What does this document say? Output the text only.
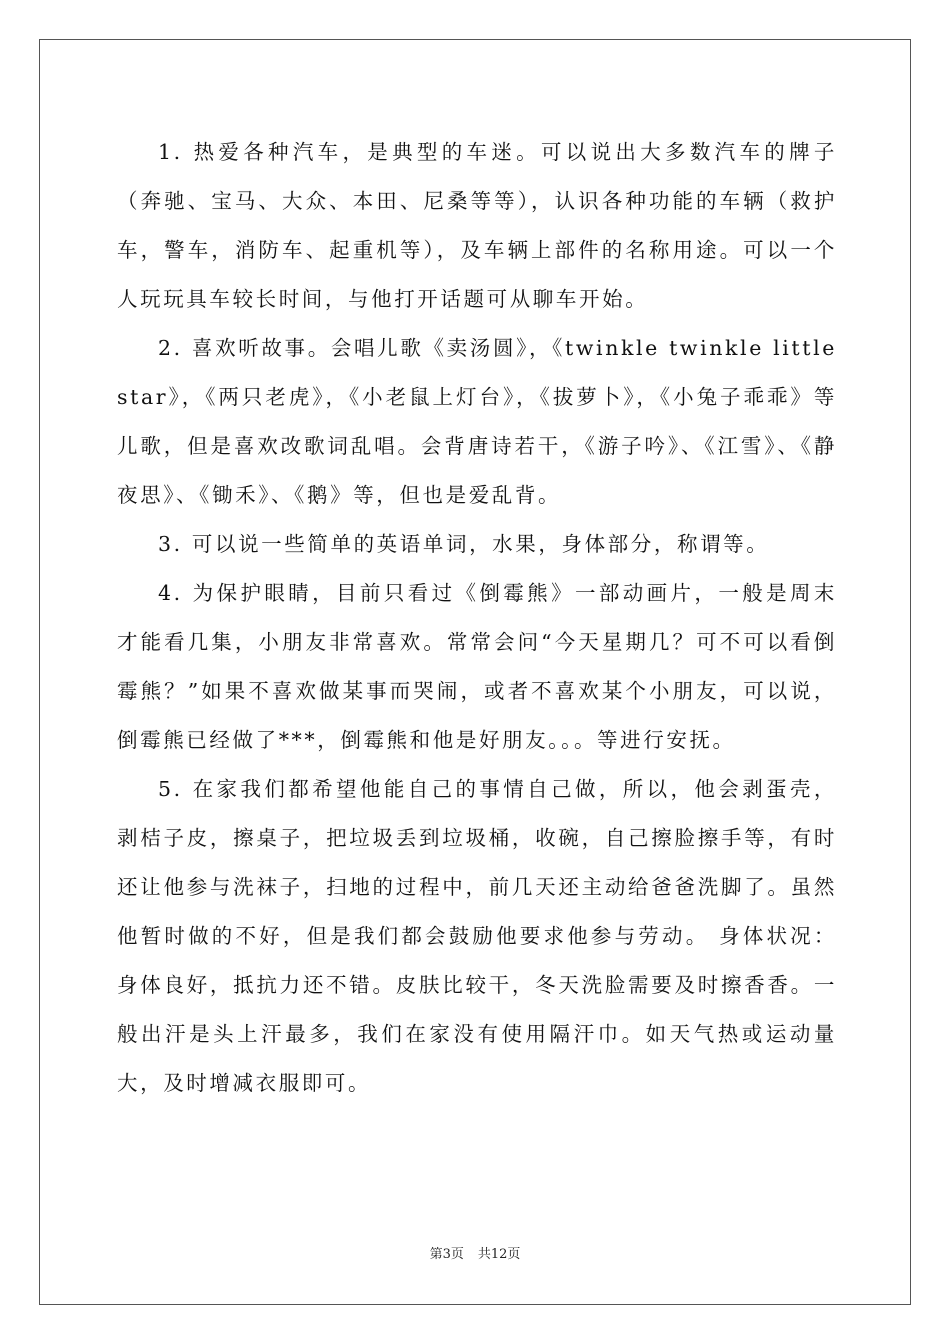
1. 热爱各种汽车，是典型的车迷。可以说出大多数汽车的牌子（奔驰、宝马、大众、本田、尼桑等等），认识各种功能的车辆（救护车，警车，消防车、起重机等），及车辆上部件的名称用途。可以一个人玩玩具车较长时间，与他打开话题可从聊车开始。

2. 喜欢听故事。会唱儿歌《卖汤圆》，《twinkle twinkle little star》，《两只老虎》，《小老鼠上灯台》，《拔萝卜》，《小兔子乖乖》等儿歌，但是喜欢改歌词乱唱。会背唐诗若干，《游子吟》、《江雪》、《静夜思》、《锄禾》、《鹅》等，但也是爱乱背。

3. 可以说一些简单的英语单词，水果，身体部分，称谓等。

4. 为保护眼睛，目前只看过《倒霉熊》一部动画片，一般是周末才能看几集，小朋友非常喜欢。常常会问“今天星期几？可不可以看倒霉熊？”如果不喜欢做某事而哭闹，或者不喜欢某个小朋友，可以说，倒霉熊已经做了***，倒霉熊和他是好朋友。。。等进行安抚。

5. 在家我们都希望他能自己的事情自己做，所以，他会剥蛋壳，剥桔子皮，擦桌子，把垃圾丢到垃圾桶，收碗，自己擦脸擦手等，有时还让他参与洗袜子，扫地的过程中，前几天还主动给爸爸洗脚了。虽然他暂时做的不好，但是我们都会鼓励他要求他参与劳动。 身体状况：身体良好，抵抗力还不错。皮肤比较干，冬天洗脸需要及时擦香香。一般出汗是头上汗最多，我们在家没有使用隔汗巾。如天气热或运动量大，及时增减衣服即可。

第3页 共12页
